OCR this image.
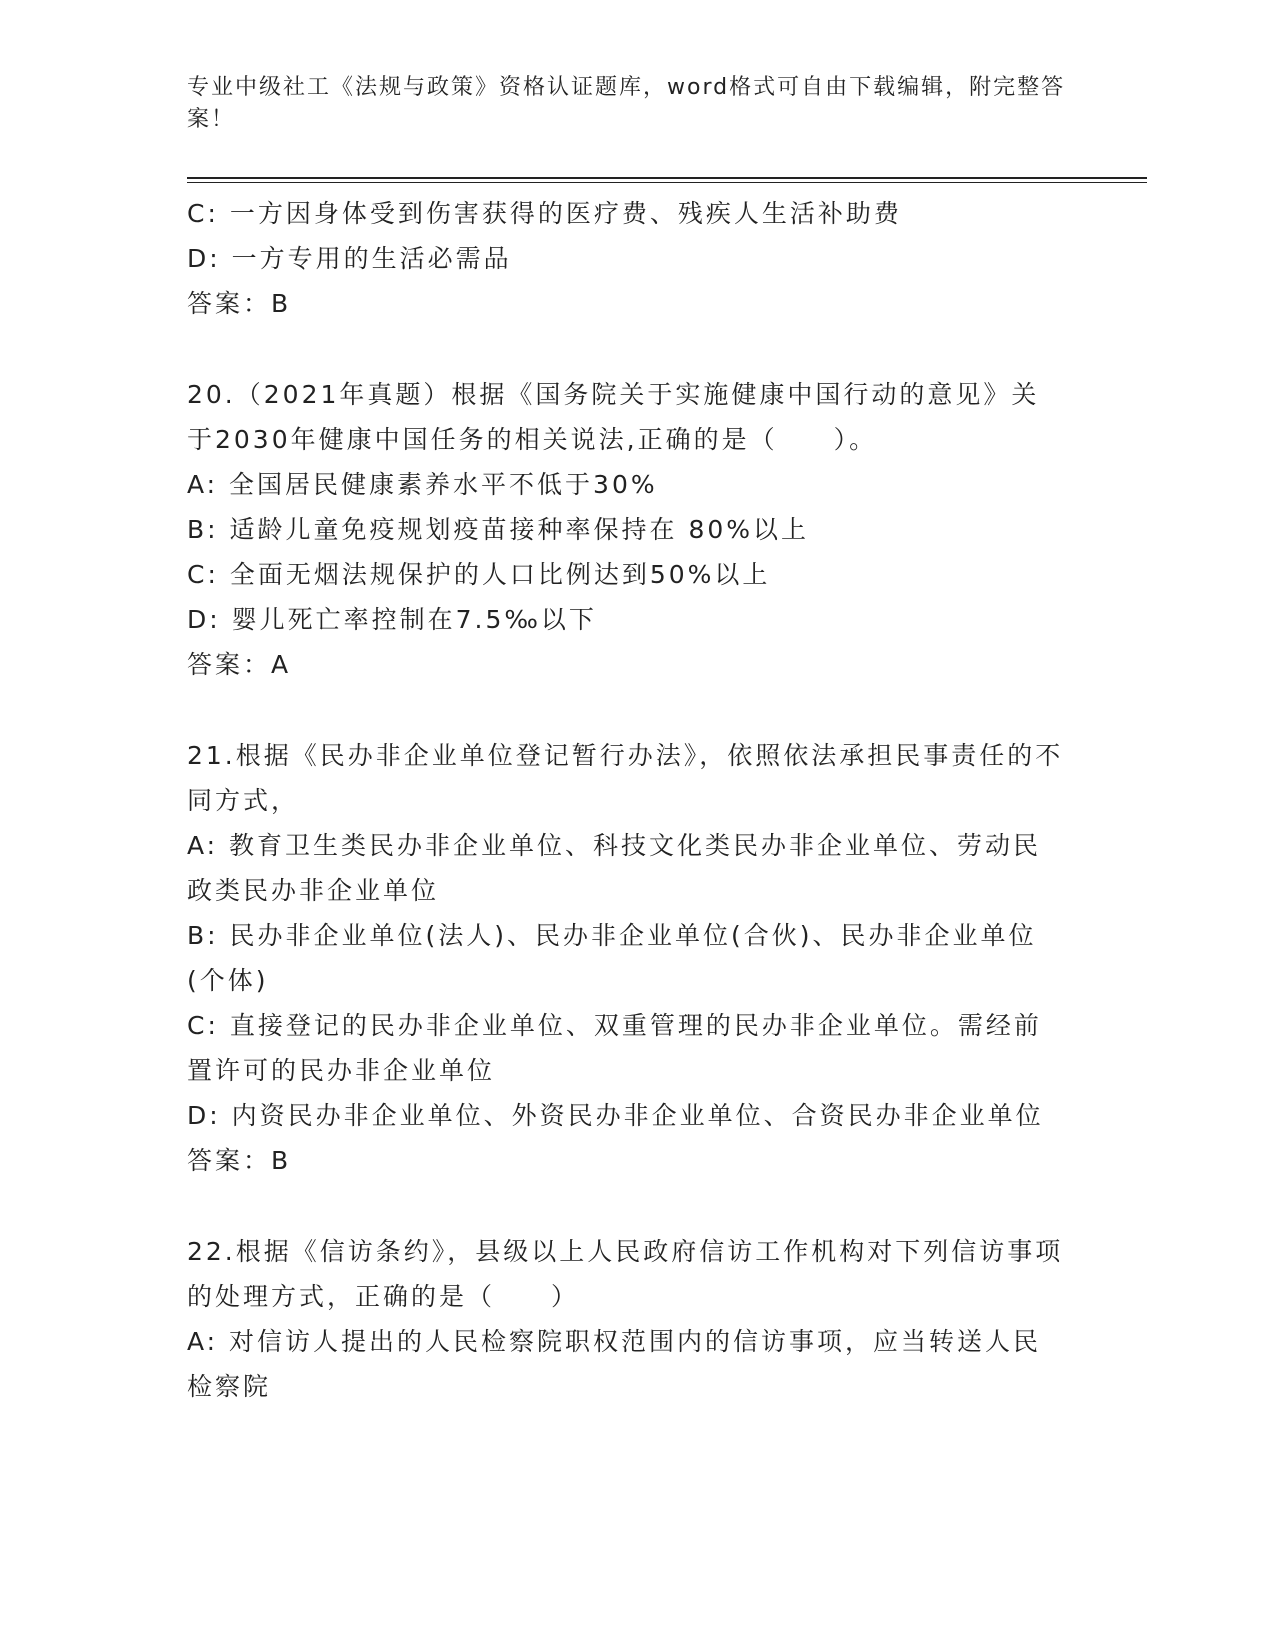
专业中级社工《法规与政策》资格认证题库，word格式可自由下载编辑，附完整答案！
C: 一方因身体受到伤害获得的医疗费、残疾人生活补助费
D: 一方专用的生活必需品
答案：B
20.（2021年真题）根据《国务院关于实施健康中国行动的意见》关于2030年健康中国任务的相关说法,正确的是（　　）。
A: 全国居民健康素养水平不低于30%
B: 适龄儿童免疫规划疫苗接种率保持在 80%以上
C: 全面无烟法规保护的人口比例达到50%以上
D: 婴儿死亡率控制在7.5‰以下
答案：A
21.根据《民办非企业单位登记暂行办法》，依照依法承担民事责任的不同方式，
A: 教育卫生类民办非企业单位、科技文化类民办非企业单位、劳动民政类民办非企业单位
B: 民办非企业单位(法人)、民办非企业单位(合伙)、民办非企业单位(个体)
C: 直接登记的民办非企业单位、双重管理的民办非企业单位。需经前置许可的民办非企业单位
D: 内资民办非企业单位、外资民办非企业单位、合资民办非企业单位
答案：B
22.根据《信访条约》，县级以上人民政府信访工作机构对下列信访事项的处理方式，正确的是（　　）
A: 对信访人提出的人民检察院职权范围内的信访事项，应当转送人民检察院
